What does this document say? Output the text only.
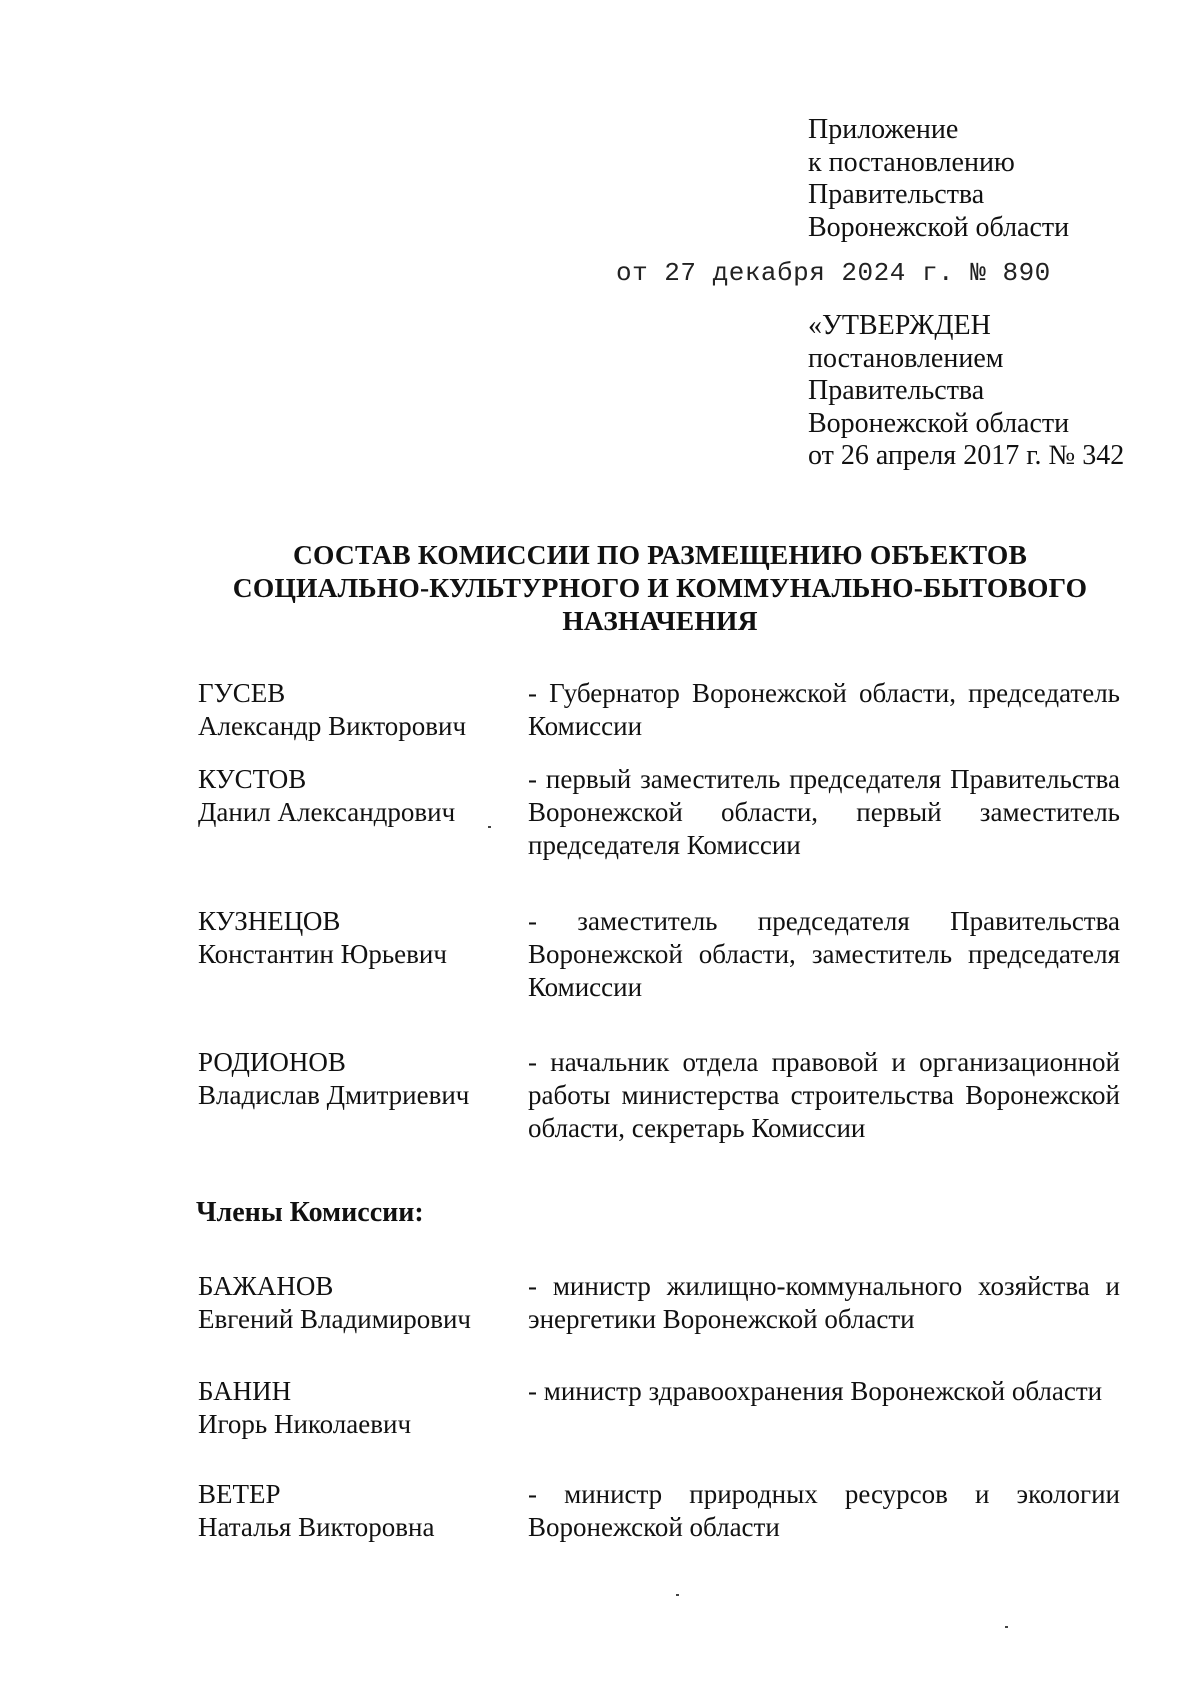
Приложение
к постановлению
Правительства
Воронежской области
от 27 декабря 2024 г. № 890
«УТВЕРЖДЕН
постановлением
Правительства
Воронежской области
от 26 апреля 2017 г. № 342
СОСТАВ КОМИССИИ ПО РАЗМЕЩЕНИЮ ОБЪЕКТОВ
СОЦИАЛЬНО-КУЛЬТУРНОГО И КОММУНАЛЬНО-БЫТОВОГО
НАЗНАЧЕНИЯ
ГУСЕВ
Александр Викторович
- Губернатор Воронежской области, председатель Комиссии
КУСТОВ
Данил Александрович
- первый заместитель председателя Правительства Воронежской области, первый заместитель председателя Комиссии
КУЗНЕЦОВ
Константин Юрьевич
- заместитель председателя Правительства Воронежской области, заместитель председателя Комиссии
РОДИОНОВ
Владислав Дмитриевич
- начальник отдела правовой и организационной работы министерства строительства Воронежской области, секретарь Комиссии
Члены Комиссии:
БАЖАНОВ
Евгений Владимирович
- министр жилищно-коммунального хозяйства и энергетики Воронежской области
БАНИН
Игорь Николаевич
- министр здравоохранения Воронежской области
ВЕТЕР
Наталья Викторовна
- министр природных ресурсов и экологии Воронежской области
